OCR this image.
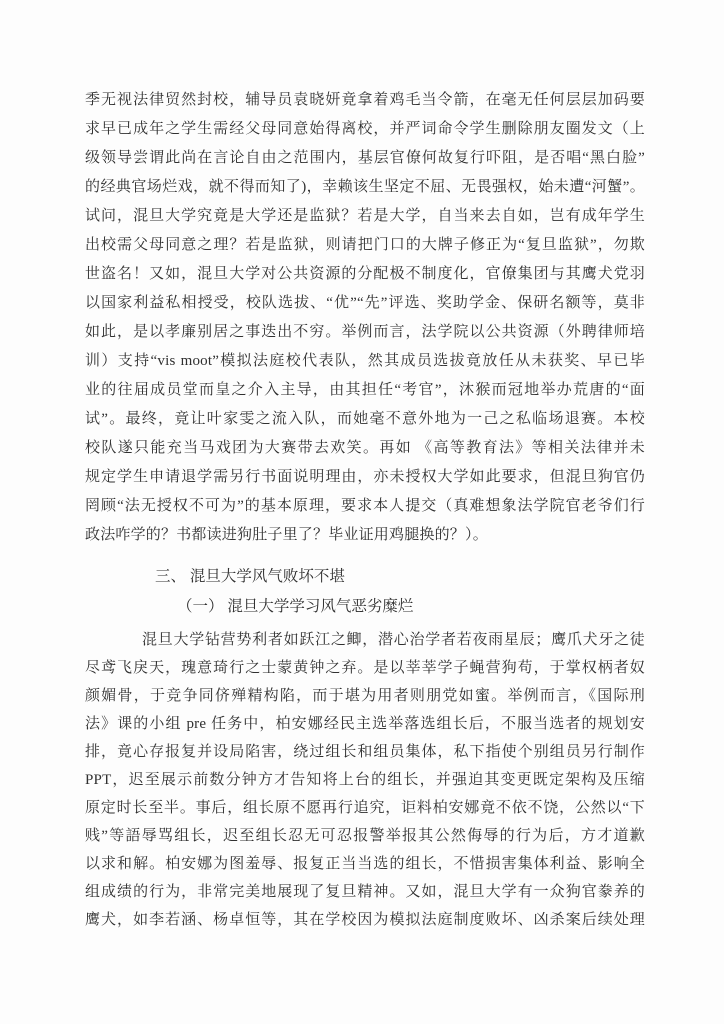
季无视法律贸然封校，辅导员袁晓妍竟拿着鸡毛当令箭，在毫无任何层层加码要
求早已成年之学生需经父母同意始得离校，并严词命令学生删除朋友圈发文（上
级领导尝谓此尚在言论自由之范围内，基层官僚何故复行吓阻，是否唱“黑白脸”
的经典官场烂戏，就不得而知了)，幸赖该生坚定不屈、无畏强权，始未遭“河蟹”。
试问，混旦大学究竟是大学还是监狱？若是大学，自当来去自如，岂有成年学生
出校需父母同意之理？若是监狱，则请把门口的大牌子修正为“复旦监狱”，勿欺
世盗名！又如，混旦大学对公共资源的分配极不制度化，官僚集团与其鹰犬党羽
以国家利益私相授受，校队选拔、“优”“先”评选、奖助学金、保研名额等，莫非
如此，是以孝廉别居之事迭出不穷。举例而言，法学院以公共资源（外聘律师培
训）支持“vis moot”模拟法庭校代表队，然其成员选拔竟放任从未获奖、早已毕
业的往届成员堂而皇之介入主导，由其担任“考官”，沐猴而冠地举办荒唐的“面
试”。最终，竟让叶家雯之流入队，而她毫不意外地为一己之私临场退赛。本校
校队遂只能充当马戏团为大赛带去欢笑。再如 《高等教育法》等相关法律并未
规定学生申请退学需另行书面说明理由，亦未授权大学如此要求，但混旦狗官仍
罔顾“法无授权不可为”的基本原理，要求本人提交（真难想象法学院官老爷们行
政法咋学的？书都读进狗肚子里了？毕业证用鸡腿换的？）。
三、 混旦大学风气败坏不堪
（一） 混旦大学学习风气恶劣糜烂
混旦大学钻营势利者如跃江之鲫，潜心治学者若夜雨星辰；鹰爪犬牙之徒
尽鸢飞戾天，瑰意琦行之士蒙黄钟之弃。是以莘莘学子蝇营狗苟，于掌权柄者奴
颜媚骨，于竞争同侪殚精构陷，而于堪为用者则朋党如蜜。举例而言，《国际刑
法》课的小组 pre 任务中，柏安娜经民主选举落选组长后，不服当选者的规划安
排，竟心存报复并设局陷害，绕过组长和组员集体，私下指使个别组员另行制作
PPT，迟至展示前数分钟方才告知将上台的组长，并强迫其变更既定架构及压缩
原定时长至半。事后，组长原不愿再行追究，讵料柏安娜竟不依不饶，公然以“下
贱”等語辱骂组长，迟至组长忍无可忍报警举报其公然侮辱的行为后，方才道歉
以求和解。柏安娜为图羞辱、报复正当当选的组长，不惜损害集体利益、影响全
组成绩的行为，非常完美地展现了复旦精神。又如，混旦大学有一众狗官豢养的
鹰犬，如李若涵、杨卓恒等，其在学校因为模拟法庭制度败坏、凶杀案后续处理
